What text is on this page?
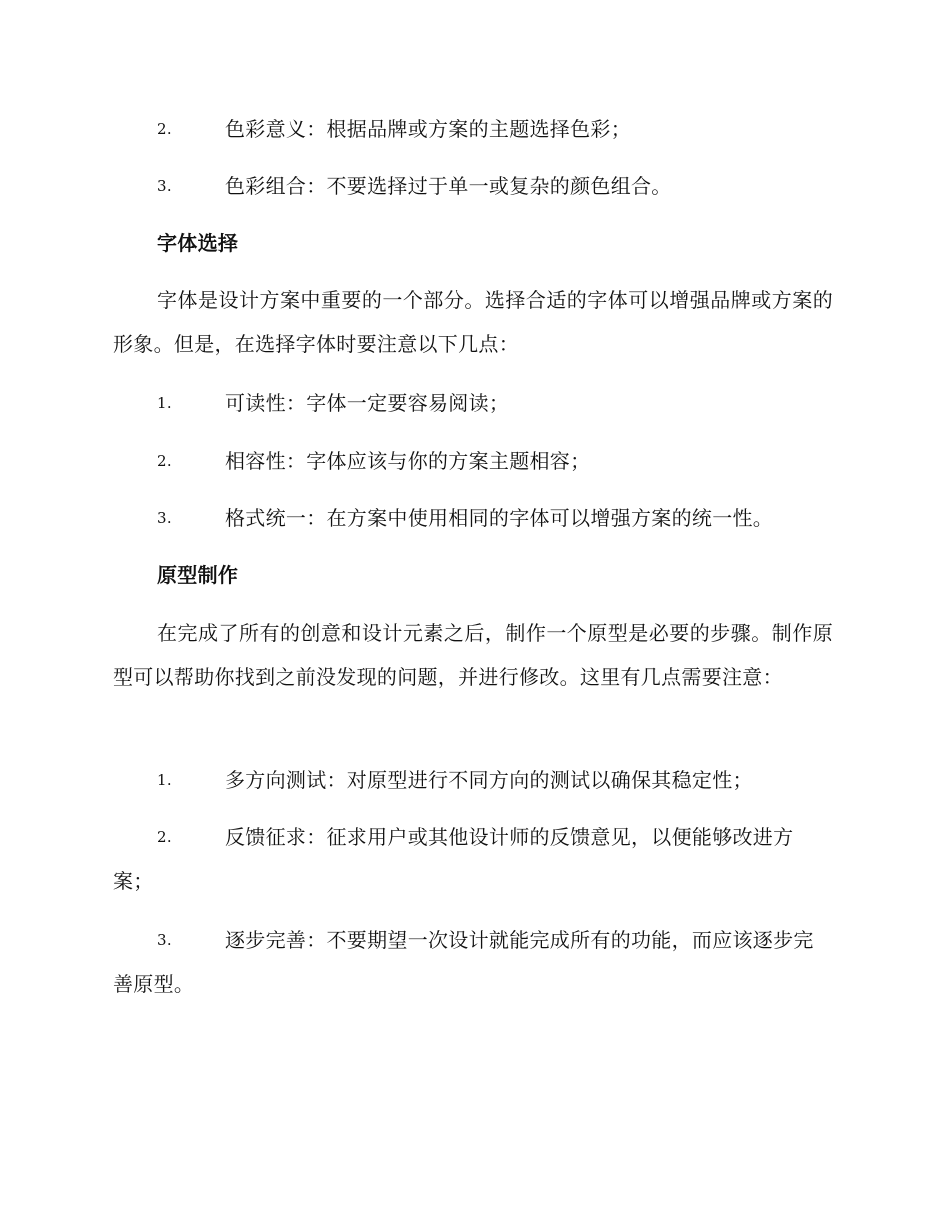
2.	色彩意义：根据品牌或方案的主题选择色彩；
3.	色彩组合：不要选择过于单一或复杂的颜色组合。
字体选择
字体是设计方案中重要的一个部分。选择合适的字体可以增强品牌或方案的形象。但是，在选择字体时要注意以下几点：
1.	可读性：字体一定要容易阅读；
2.	相容性：字体应该与你的方案主题相容；
3.	格式统一：在方案中使用相同的字体可以增强方案的统一性。
原型制作
在完成了所有的创意和设计元素之后，制作一个原型是必要的步骤。制作原型可以帮助你找到之前没发现的问题，并进行修改。这里有几点需要注意：
1.	多方向测试：对原型进行不同方向的测试以确保其稳定性；
2.	反馈征求：征求用户或其他设计师的反馈意见，以便能够改进方案；
3.	逐步完善：不要期望一次设计就能完成所有的功能，而应该逐步完善原型。
